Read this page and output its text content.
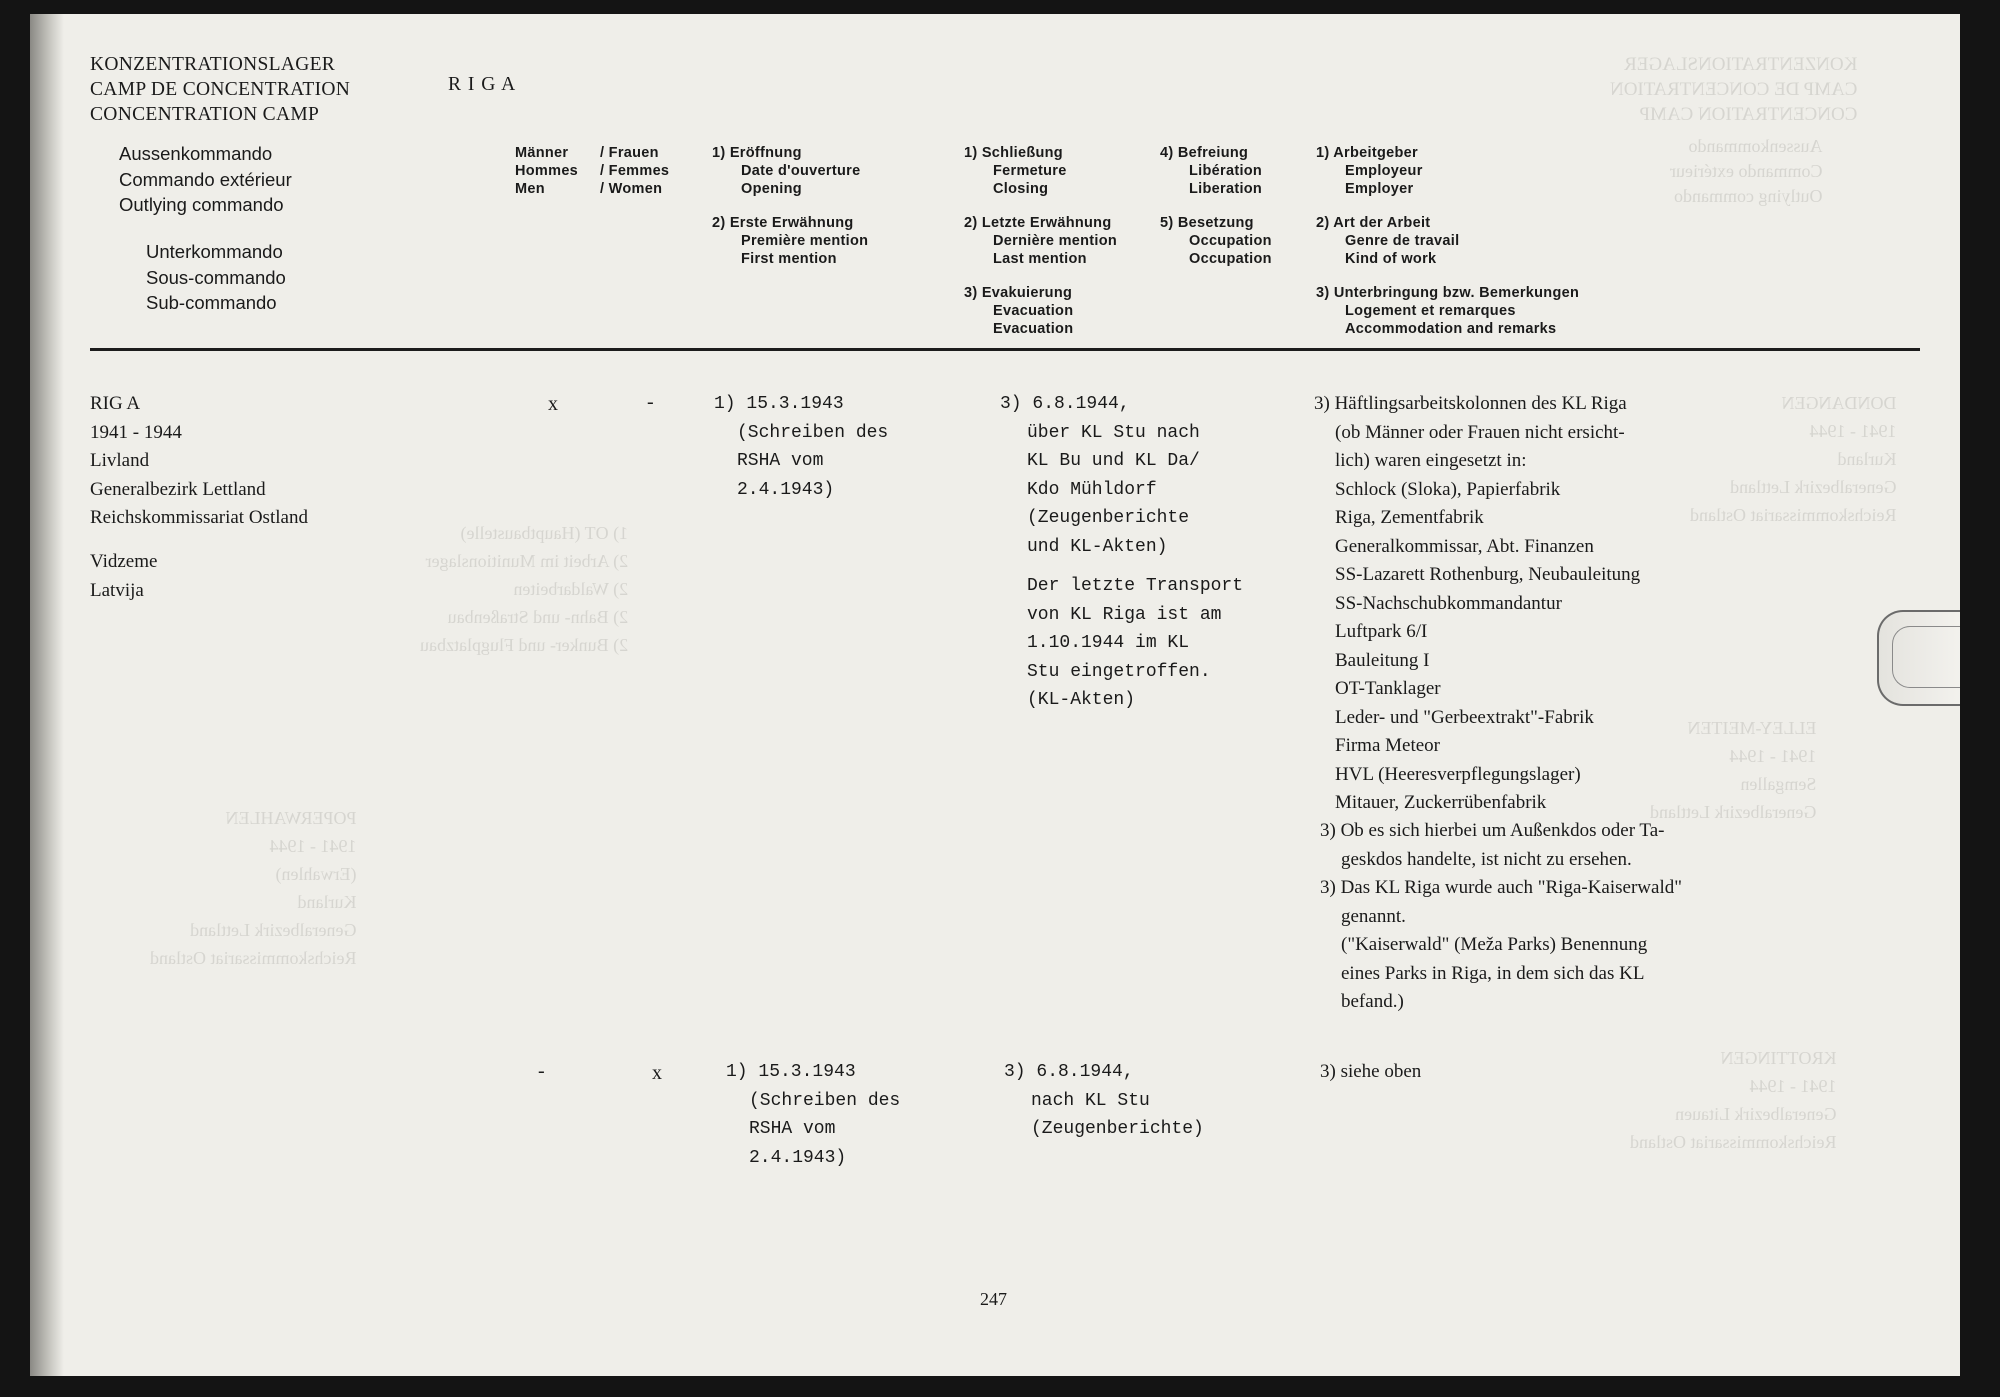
KONZENTRATIONSLAGER
CAMP DE CONCENTRATION
CONCENTRATION CAMP
Aussenkommando
Commando extérieur
Outlying commando
DONDANGEN
1941 - 1944
Kurland
Generalbezirk Lettland
Reichskommissariat Ostland
1) OT (Hauptbaustelle)
2) Arbeit im Munitionslager
2) Waldarbeiten
2) Bahn- und Straßenbau
2) Bunker- und Flugplatzbau
ELLEY-MEITEN
1941 - 1944
Semgallen
Generalbezirk Lettland
POPERWAHLEN
1941 - 1944
(Erwahlen)
Kurland
Generalbezirk Lettland
Reichskommissariat Ostland
KROTTINGEN
1941 - 1944
Generalbezirk Litauen
Reichskommissariat Ostland
KONZENTRATIONSLAGER
CAMP DE CONCENTRATION
CONCENTRATION CAMP
R I G A
Aussenkommando
Commando extérieur
Outlying commando
Unterkommando
Sous-commando
Sub-commando
Männer
Hommes
Men
/ Frauen
/ Femmes
/ Women
1) Eröffnung
Date d'ouverture
Opening
2) Erste Erwähnung
Première mention
First mention
1) Schließung
Fermeture
Closing
2) Letzte Erwähnung
Dernière mention
Last mention
3) Evakuierung
Evacuation
Evacuation
4) Befreiung
Libération
Liberation
5) Besetzung
Occupation
Occupation
1) Arbeitgeber
Employeur
Employer
2) Art der Arbeit
Genre de travail
Kind of work
3) Unterbringung bzw. Bemerkungen
Logement et remarques
Accommodation and remarks
RIG A
1941 - 1944
Livland
Generalbezirk Lettland
Reichskommissariat Ostland
Vidzeme
Latvija
x	-	1) 15.3.1943
(Schreiben des
RSHA vom
2.4.1943)
3) 6.8.1944,
über KL Stu nach
KL Bu und KL Da/
Kdo Mühldorf
(Zeugenberichte
und KL-Akten)
Der letzte Transport
von KL Riga ist am
1.10.1944 im KL
Stu eingetroffen.
(KL-Akten)
3) Häftlingsarbeitskolonnen des KL Riga
(ob Männer oder Frauen nicht ersicht-
lich) waren eingesetzt in:
Schlock (Sloka), Papierfabrik
Riga, Zementfabrik
Generalkommissar, Abt. Finanzen
SS-Lazarett Rothenburg, Neubauleitung
SS-Nachschubkommandantur
Luftpark 6/I
Bauleitung I
OT-Tanklager
Leder- und "Gerbeextrakt"-Fabrik
Firma Meteor
HVL (Heeresverpflegungslager)
Mitauer, Zuckerrübenfabrik
3) Ob es sich hierbei um Außenkdos oder Ta-
geskdos handelte, ist nicht zu ersehen.
3) Das KL Riga wurde auch "Riga-Kaiserwald"
genannt.
("Kaiserwald" (Meža Parks) Benennung
eines Parks in Riga, in dem sich das KL
befand.)
-	x	1) 15.3.1943
(Schreiben des
RSHA vom
2.4.1943)
3) 6.8.1944,
nach KL Stu
(Zeugenberichte)
3) siehe oben
247
